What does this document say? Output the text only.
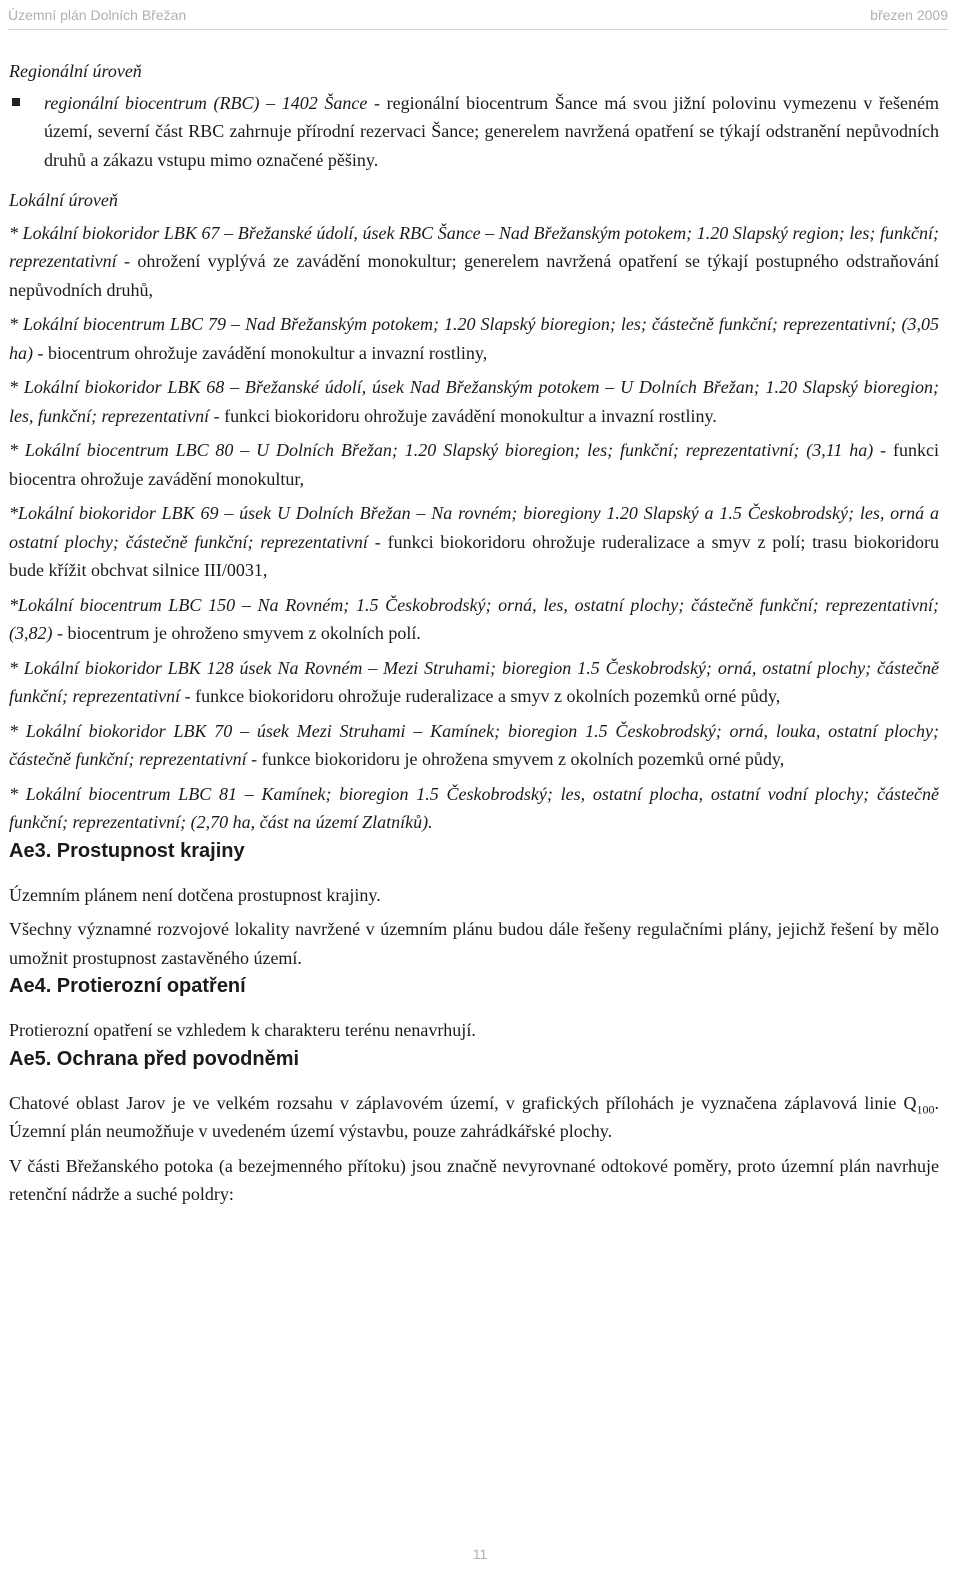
Územní plán Dolních Břežan	březen 2009

Regionální úroveň

regionální biocentrum (RBC) – 1402 Šance - regionální biocentrum Šance má svou jižní polovinu vymezenu v řešeném území, severní část RBC zahrnuje přírodní rezervaci Šance; generelem navržená opatření se týkají odstranění nepůvodních druhů a zákazu vstupu mimo označené pěšiny.

Lokální úroveň

* Lokální biokoridor LBK 67 – Břežanské údolí, úsek RBC Šance – Nad Břežanským potokem; 1.20 Slapský region; les; funkční; reprezentativní - ohrožení vyplývá ze zavádění monokultur; generelem navržená opatření se týkají postupného odstraňování nepůvodních druhů,

* Lokální biocentrum LBC 79 – Nad Břežanským potokem; 1.20 Slapský bioregion; les; částečně funkční; reprezentativní; (3,05 ha) - biocentrum ohrožuje zavádění monokultur a invazní rostliny,

* Lokální biokoridor LBK 68 – Břežanské údolí, úsek Nad Břežanským potokem – U Dolních Břežan; 1.20 Slapský bioregion; les, funkční; reprezentativní - funkci biokoridoru ohrožuje zavádění monokultur a invazní rostliny.

* Lokální biocentrum LBC 80 – U Dolních Břežan; 1.20 Slapský bioregion; les; funkční; reprezentativní; (3,11 ha) - funkci biocentra ohrožuje zavádění monokultur,

*Lokální biokoridor LBK 69 – úsek U Dolních Břežan – Na rovném; bioregiony 1.20 Slapský a 1.5 Českobrodský; les, orná a ostatní plochy; částečně funkční; reprezentativní - funkci biokoridoru ohrožuje ruderalizace a smyv z polí; trasu biokoridoru bude křížit obchvat silnice III/0031,

*Lokální biocentrum LBC 150 – Na Rovném; 1.5 Českobrodský; orná, les, ostatní plochy; částečně funkční; reprezentativní; (3,82) - biocentrum je ohroženo smyvem z okolních polí.

* Lokální biokoridor LBK 128 úsek Na Rovném – Mezi Struhami; bioregion 1.5 Českobrodský; orná, ostatní plochy; částečně funkční; reprezentativní - funkce biokoridoru ohrožuje ruderalizace a smyv z okolních pozemků orné půdy,

* Lokální biokoridor LBK 70 – úsek Mezi Struhami – Kamínek; bioregion 1.5 Českobrodský; orná, louka, ostatní plochy; částečně funkční; reprezentativní - funkce biokoridoru je ohrožena smyvem z okolních pozemků orné půdy,

* Lokální biocentrum LBC 81 – Kamínek; bioregion 1.5 Českobrodský; les, ostatní plocha, ostatní vodní plochy; částečně funkční; reprezentativní; (2,70 ha, část na území Zlatníků).

Ae3. Prostupnost krajiny

Územním plánem není dotčena prostupnost krajiny.

Všechny významné rozvojové lokality navržené v územním plánu budou dále řešeny regulačními plány, jejichž řešení by mělo umožnit prostupnost zastavěného území.

Ae4. Protierozní opatření

Protierozní opatření se vzhledem k charakteru terénu nenavrhují.

Ae5. Ochrana před povodněmi

Chatové oblast Jarov je ve velkém rozsahu v záplavovém území, v grafických přílohách je vyznačena záplavová linie $Q_{100}$. Územní plán neumožňuje v uvedeném území výstavbu, pouze zahrádkářské plochy.

V části Břežanského potoka (a bezejmenného přítoku) jsou značně nevyrovnané odtokové poměry, proto územní plán navrhuje retenční nádrže a suché poldry:

11
